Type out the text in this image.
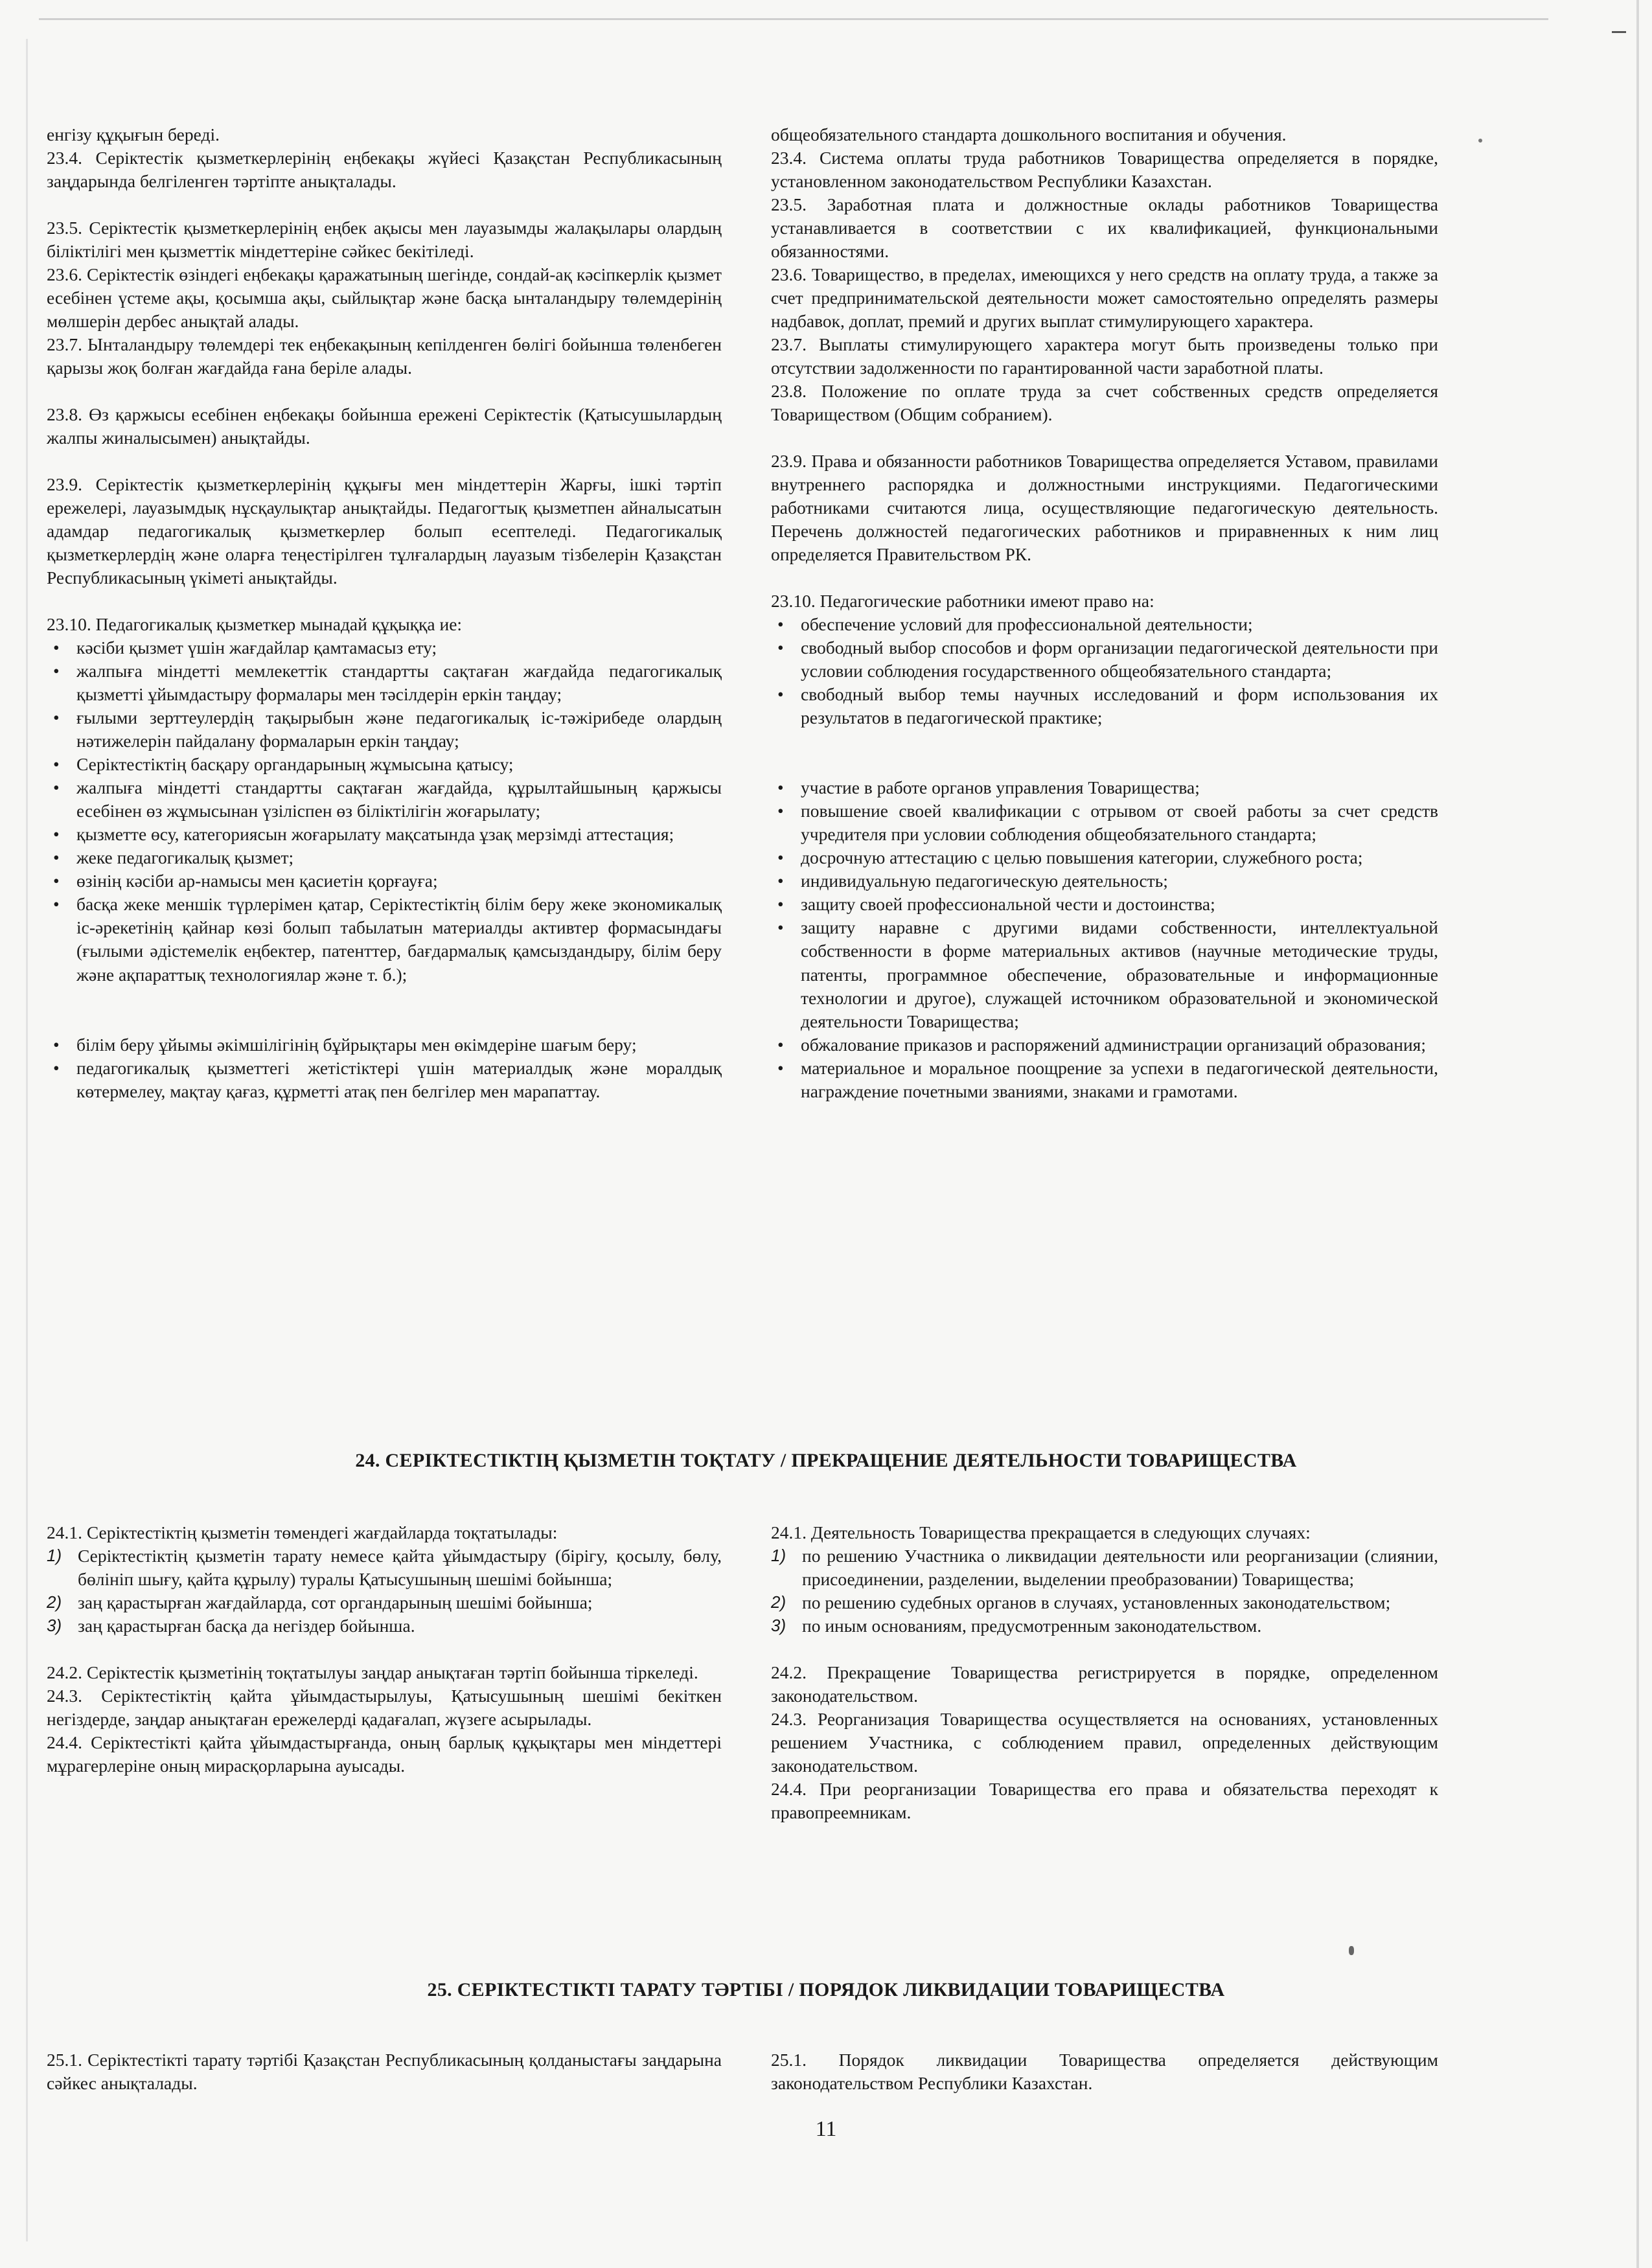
енгізу құқығын береді.

23.4. Серіктестік қызметкерлерінің еңбекақы жүйесі Қазақстан Республикасының заңдарында белгіленген тәртіпте анықталады.

23.5. Серіктестік қызметкерлерінің еңбек ақысы мен лауазымды жалақылары олардың біліктілігі мен қызметтік міндеттеріне сәйкес бекітіледі.

23.6. Серіктестік өзіндегі еңбекақы қаражатының шегінде, сондай-ақ кәсіпкерлік қызмет есебінен үстеме ақы, қосымша ақы, сыйлықтар және басқа ынталандыру төлемдерінің мөлшерін дербес анықтай алады.

23.7. Ынталандыру төлемдері тек еңбекақының кепілденген бөлігі бойынша төленбеген қарызы жоқ болған жағдайда ғана беріле алады.

23.8. Өз қаржысы есебінен еңбекақы бойынша ережені Серіктестік (Қатысушылардың жалпы жиналысымен) анықтайды.

23.9. Серіктестік қызметкерлерінің құқығы мен міндеттерін Жарғы, ішкі тәртіп ережелері, лауазымдық нұсқаулықтар анықтайды. Педагогтық қызметпен айналысатын адамдар педагогикалық қызметкерлер болып есептеледі. Педагогикалық қызметкерлердің және оларға теңестірілген тұлғалардың лауазым тізбелерін Қазақстан Республикасының үкіметі анықтайды.

23.10. Педагогикалық қызметкер мынадай құқыққа ие:

• кәсіби қызмет үшін жағдайлар қамтамасыз ету;
• жалпыға міндетті мемлекеттік стандартты сақтаған жағдайда педагогикалық қызметті ұйымдастыру формалары мен тәсілдерін еркін таңдау;
• ғылыми зерттеулердің тақырыбын және педагогикалық іс-тәжірибеде олардың нәтижелерін пайдалану формаларын еркін таңдау;
• Серіктестіктің басқару органдарының жұмысына қатысу;
• жалпыға міндетті стандартты сақтаған жағдайда, құрылтайшының қаржысы есебінен өз жұмысынан үзіліспен өз біліктілігін жоғарылату;
• қызметте өсу, категориясын жоғарылату мақсатында ұзақ мерзімді аттестация;
• жеке педагогикалық қызмет;
• өзінің кәсіби ар-намысы мен қасиетін қорғауға;
• басқа жеке меншік түрлерімен қатар, Серіктестіктің білім беру жеке экономикалық іс-әрекетінің қайнар көзі болып табылатын материалды активтер формасындағы (ғылыми әдістемелік еңбектер, патенттер, бағдармалық қамсыздандыру, білім беру және ақпараттық технологиялар және т. б.);
• білім беру ұйымы әкімшілігінің бұйрықтары мен өкімдеріне шағым беру;
• педагогикалық қызметтегі жетістіктері үшін материалдық және моралдық көтермелеу, мақтау қағаз, құрметті атақ пен белгілер мен марапаттау.

общеобязательного стандарта дошкольного воспитания и обучения.

23.4. Система оплаты труда работников Товарищества определяется в порядке, установленном законодательством Республики Казахстан.

23.5. Заработная плата и должностные оклады работников Товарищества устанавливается в соответствии с их квалификацией, функциональными обязанностями.

23.6. Товарищество, в пределах, имеющихся у него средств на оплату труда, а также за счет предпринимательской деятельности может самостоятельно определять размеры надбавок, доплат, премий и других выплат стимулирующего характера.

23.7. Выплаты стимулирующего характера могут быть произведены только при отсутствии задолженности по гарантированной части заработной платы.

23.8. Положение по оплате труда за счет собственных средств определяется Товариществом (Общим собранием).

23.9. Права и обязанности работников Товарищества определяется Уставом, правилами внутреннего распорядка и должностными инструкциями. Педагогическими работниками считаются лица, осуществляющие педагогическую деятельность. Перечень должностей педагогических работников и приравненных к ним лиц определяется Правительством РК.

23.10. Педагогические работники имеют право на:

• обеспечение условий для профессиональной деятельности;
• свободный выбор способов и форм организации педагогической деятельности при условии соблюдения государственного общеобязательного стандарта;
• свободный выбор темы научных исследований и форм использования их результатов в педагогической практике;
• участие в работе органов управления Товарищества;
• повышение своей квалификации с отрывом от своей работы за счет средств учредителя при условии соблюдения общеобязательного стандарта;
• досрочную аттестацию с целью повышения категории, служебного роста;
• индивидуальную педагогическую деятельность;
• защиту своей профессиональной чести и достоинства;
• защиту наравне с другими видами собственности, интеллектуальной собственности в форме материальных активов (научные методические труды, патенты, программное обеспечение, образовательные и информационные технологии и другое), служащей источником образовательной и экономической деятельности Товарищества;
• обжалование приказов и распоряжений администрации организаций образования;
• материальное и моральное поощрение за успехи в педагогической деятельности, награждение почетными званиями, знаками и грамотами.
24. СЕРІКТЕСТІКТІҢ ҚЫЗМЕТІН ТОҚТАТУ / ПРЕКРАЩЕНИЕ ДЕЯТЕЛЬНОСТИ ТОВАРИЩЕСТВА

24.1. Серіктестіктің қызметін төмендегі жағдайларда тоқтатылады:

1) Серіктестіктің қызметін тарату немесе қайта ұйымдастыру (бірігу, қосылу, бөлу, бөлініп шығу, қайта құрылу) туралы Қатысушының шешімі бойынша;
2) заң қарастырған жағдайларда, сот органдарының шешімі бойынша;
3) заң қарастырған басқа да негіздер бойынша.

24.2. Серіктестік қызметінің тоқтатылуы заңдар анықтаған тәртіп бойынша тіркеледі.

24.3. Серіктестіктің қайта ұйымдастырылуы, Қатысушының шешімі бекіткен негіздерде, заңдар анықтаған ережелерді қадағалап, жүзеге асырылады.

24.4. Серіктестікті қайта ұйымдастырғанда, оның барлық құқықтары мен міндеттері мұрагерлеріне оның мирасқорларына ауысады.

24.1. Деятельность Товарищества прекращается в следующих случаях:

1) по решению Участника о ликвидации деятельности или реорганизации (слиянии, присоединении, разделении, выделении преобразовании) Товарищества;
2) по решению судебных органов в случаях, установленных законодательством;
3) по иным основаниям, предусмотренным законодательством.

24.2. Прекращение Товарищества регистрируется в порядке, определенном законодательством.

24.3. Реорганизация Товарищества осуществляется на основаниях, установленных решением Участника, с соблюдением правил, определенных действующим законодательством.

24.4. При реорганизации Товарищества его права и обязательства переходят к правопреемникам.

25. СЕРІКТЕСТІКТІ ТАРАТУ ТӘРТІБІ / ПОРЯДОК ЛИКВИДАЦИИ ТОВАРИЩЕСТВА

25.1. Серіктестікті тарату тәртібі Қазақстан Республикасының қолданыстағы заңдарына сәйкес анықталады.

25.1. Порядок ликвидации Товарищества определяется действующим законодательством Республики Казахстан.

11
